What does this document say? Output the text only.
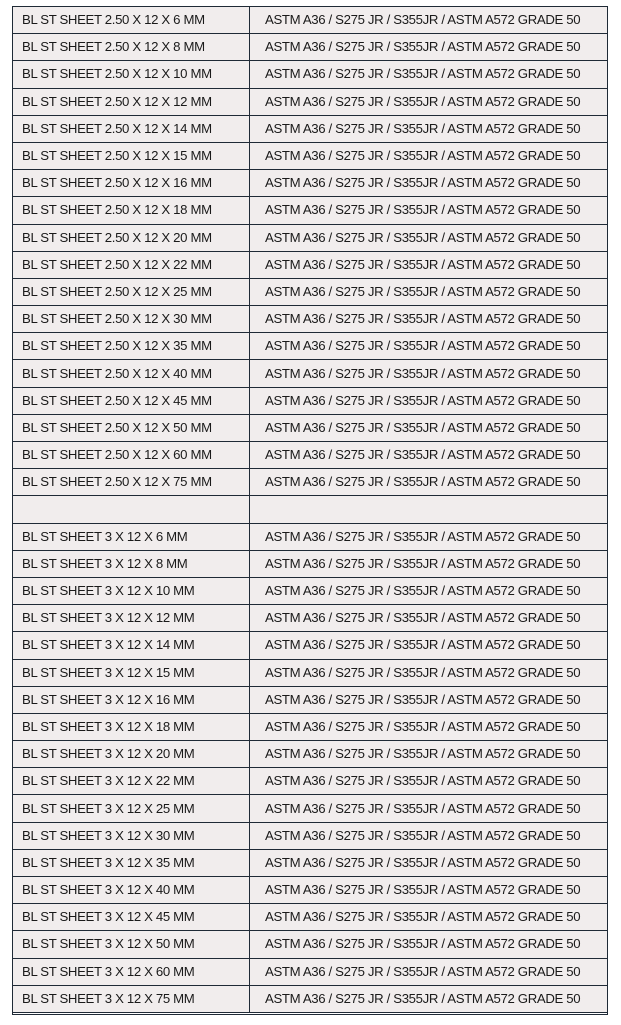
BL ST SHEET 2.50 X 12 X 6 MM	ASTM A36 / S275 JR / S355JR / ASTM A572 GRADE 50
BL ST SHEET 2.50 X 12 X 8 MM	ASTM A36 / S275 JR / S355JR / ASTM A572 GRADE 50
BL ST SHEET 2.50 X 12 X 10 MM	ASTM A36 / S275 JR / S355JR / ASTM A572 GRADE 50
BL ST SHEET 2.50 X 12 X 12 MM	ASTM A36 / S275 JR / S355JR / ASTM A572 GRADE 50
BL ST SHEET 2.50 X 12 X 14 MM	ASTM A36 / S275 JR / S355JR / ASTM A572 GRADE 50
BL ST SHEET 2.50 X 12 X 15 MM	ASTM A36 / S275 JR / S355JR / ASTM A572 GRADE 50
BL ST SHEET 2.50 X 12 X 16 MM	ASTM A36 / S275 JR / S355JR / ASTM A572 GRADE 50
BL ST SHEET 2.50 X 12 X 18 MM	ASTM A36 / S275 JR / S355JR / ASTM A572 GRADE 50
BL ST SHEET 2.50 X 12 X 20 MM	ASTM A36 / S275 JR / S355JR / ASTM A572 GRADE 50
BL ST SHEET 2.50 X 12 X 22 MM	ASTM A36 / S275 JR / S355JR / ASTM A572 GRADE 50
BL ST SHEET 2.50 X 12 X 25 MM	ASTM A36 / S275 JR / S355JR / ASTM A572 GRADE 50
BL ST SHEET 2.50 X 12 X 30 MM	ASTM A36 / S275 JR / S355JR / ASTM A572 GRADE 50
BL ST SHEET 2.50 X 12 X 35 MM	ASTM A36 / S275 JR / S355JR / ASTM A572 GRADE 50
BL ST SHEET 2.50 X 12 X 40 MM	ASTM A36 / S275 JR / S355JR / ASTM A572 GRADE 50
BL ST SHEET 2.50 X 12 X 45 MM	ASTM A36 / S275 JR / S355JR / ASTM A572 GRADE 50
BL ST SHEET 2.50 X 12 X 50 MM	ASTM A36 / S275 JR / S355JR / ASTM A572 GRADE 50
BL ST SHEET 2.50 X 12 X 60 MM	ASTM A36 / S275 JR / S355JR / ASTM A572 GRADE 50
BL ST SHEET 2.50 X 12 X 75 MM	ASTM A36 / S275 JR / S355JR / ASTM A572 GRADE 50

BL ST SHEET 3 X 12 X 6 MM	ASTM A36 / S275 JR / S355JR / ASTM A572 GRADE 50
BL ST SHEET 3 X 12 X 8 MM	ASTM A36 / S275 JR / S355JR / ASTM A572 GRADE 50
BL ST SHEET 3 X 12 X 10 MM	ASTM A36 / S275 JR / S355JR / ASTM A572 GRADE 50
BL ST SHEET 3 X 12 X 12 MM	ASTM A36 / S275 JR / S355JR / ASTM A572 GRADE 50
BL ST SHEET 3 X 12 X 14 MM	ASTM A36 / S275 JR / S355JR / ASTM A572 GRADE 50
BL ST SHEET 3 X 12 X 15 MM	ASTM A36 / S275 JR / S355JR / ASTM A572 GRADE 50
BL ST SHEET 3 X 12 X 16 MM	ASTM A36 / S275 JR / S355JR / ASTM A572 GRADE 50
BL ST SHEET 3 X 12 X 18 MM	ASTM A36 / S275 JR / S355JR / ASTM A572 GRADE 50
BL ST SHEET 3 X 12 X 20 MM	ASTM A36 / S275 JR / S355JR / ASTM A572 GRADE 50
BL ST SHEET 3 X 12 X 22 MM	ASTM A36 / S275 JR / S355JR / ASTM A572 GRADE 50
BL ST SHEET 3 X 12 X 25 MM	ASTM A36 / S275 JR / S355JR / ASTM A572 GRADE 50
BL ST SHEET 3 X 12 X 30 MM	ASTM A36 / S275 JR / S355JR / ASTM A572 GRADE 50
BL ST SHEET 3 X 12 X 35 MM	ASTM A36 / S275 JR / S355JR / ASTM A572 GRADE 50
BL ST SHEET 3 X 12 X 40 MM	ASTM A36 / S275 JR / S355JR / ASTM A572 GRADE 50
BL ST SHEET 3 X 12 X 45 MM	ASTM A36 / S275 JR / S355JR / ASTM A572 GRADE 50
BL ST SHEET 3 X 12 X 50 MM	ASTM A36 / S275 JR / S355JR / ASTM A572 GRADE 50
BL ST SHEET 3 X 12 X 60 MM	ASTM A36 / S275 JR / S355JR / ASTM A572 GRADE 50
BL ST SHEET 3 X 12 X 75 MM	ASTM A36 / S275 JR / S355JR / ASTM A572 GRADE 50
